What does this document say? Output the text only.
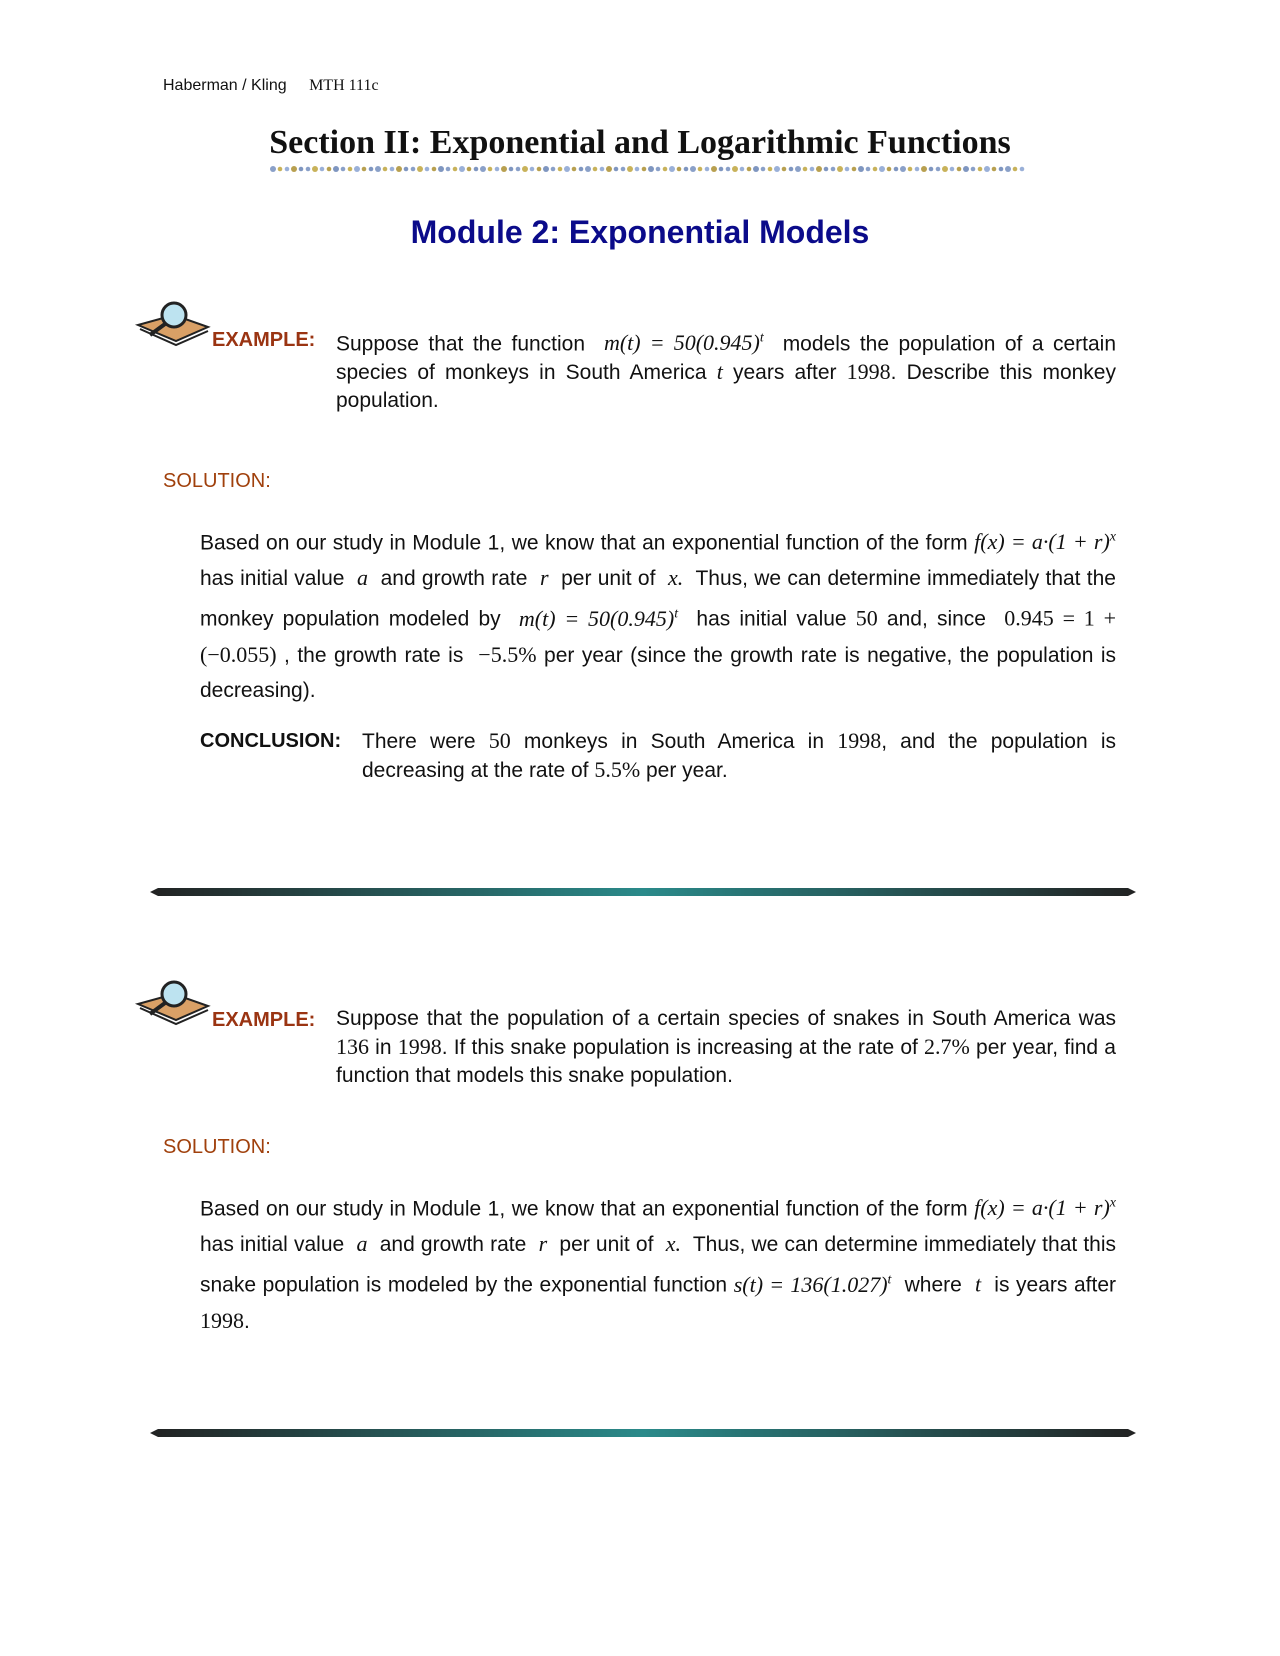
Haberman / Kling MTH 111c
Section II: Exponential and Logarithmic Functions
Module 2: Exponential Models
EXAMPLE: Suppose that the function $m(t) = 50(0.945)^t$ models the population of a certain species of monkeys in South America t years after 1998. Describe this monkey population.
SOLUTION:
Based on our study in Module 1, we know that an exponential function of the form $f(x) = a\cdot(1 + r)^x$ has initial value a and growth rate r per unit of x. Thus, we can determine immediately that the monkey population modeled by $m(t) = 50(0.945)^t$ has initial value 50 and, since 0.945 = 1 + (−0.055) , the growth rate is −5.5% per year (since the growth rate is negative, the population is decreasing).
CONCLUSION: There were 50 monkeys in South America in 1998, and the population is decreasing at the rate of 5.5% per year.
EXAMPLE: Suppose that the population of a certain species of snakes in South America was 136 in 1998. If this snake population is increasing at the rate of 2.7% per year, find a function that models this snake population.
SOLUTION:
Based on our study in Module 1, we know that an exponential function of the form $f(x) = a\cdot(1 + r)^x$ has initial value a and growth rate r per unit of x. Thus, we can determine immediately that this snake population is modeled by the exponential function $s(t) = 136(1.027)^t$ where t is years after 1998.
